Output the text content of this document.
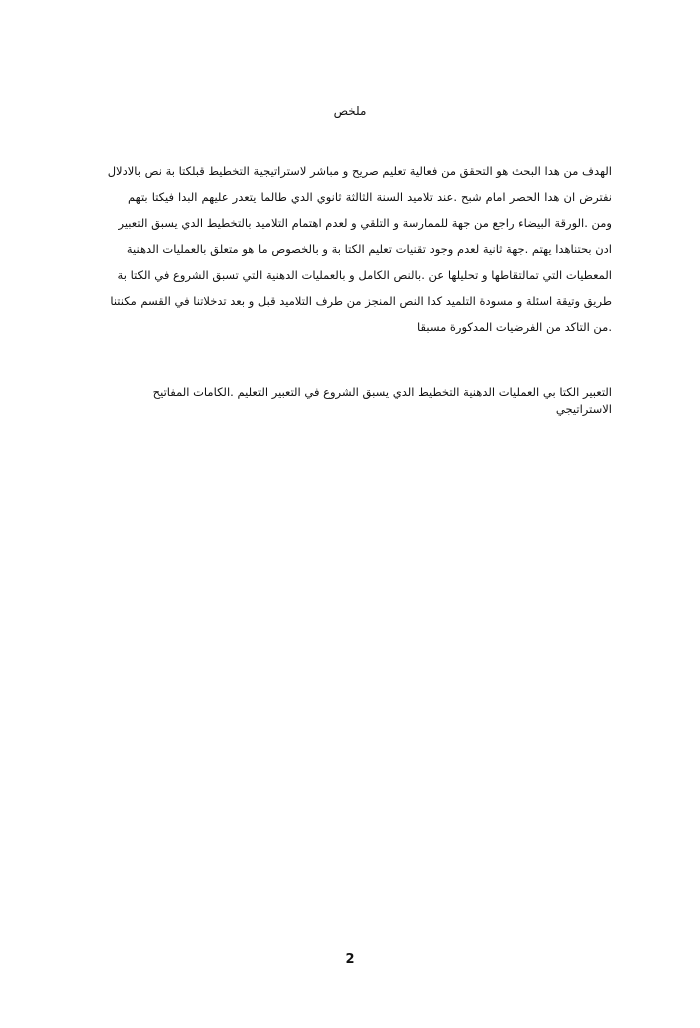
ملخص
الهدف من هدا البحث هو التحقق من فعالية تعليم صريح و مباشر لاستراتيجية التخطيط قبلكتا بة نص بالادلال
نفترض ان هدا الحصر امام شبح .عند تلاميد السنة الثالثة ثانوي الدي طالما يتعدر عليهم البدا فيكتا بتهم
ومن .الورقة البيضاء راجع من جهة للممارسة و التلقي و لعدم اهتمام التلاميد بالتخطيط الدي يسبق التعبير
ادن بحتناهدا يهتم .جهة ثانية لعدم وجود تقنيات تعليم الكتا بة و بالخصوص ما هو متعلق بالعمليات الدهنية
المعطيات التي تمالتقاطها و تحليلها عن .بالنص الكامل و بالعمليات الدهنية التي تسبق الشروع في الكتا بة
طريق وتيقة اسئلة و مسودة التلميد كدا النص المنجز من طرف التلاميد قبل و بعد تدخلاتنا في القسم مكنتنا
.من التاكد من الفرضيات المدكورة مسبقا
التعبير الكتا بي العمليات الدهنية التخطيط الدي يسبق الشروع في التعبير التعليم .الكامات المفاتيح
الاستراتيجي
2
